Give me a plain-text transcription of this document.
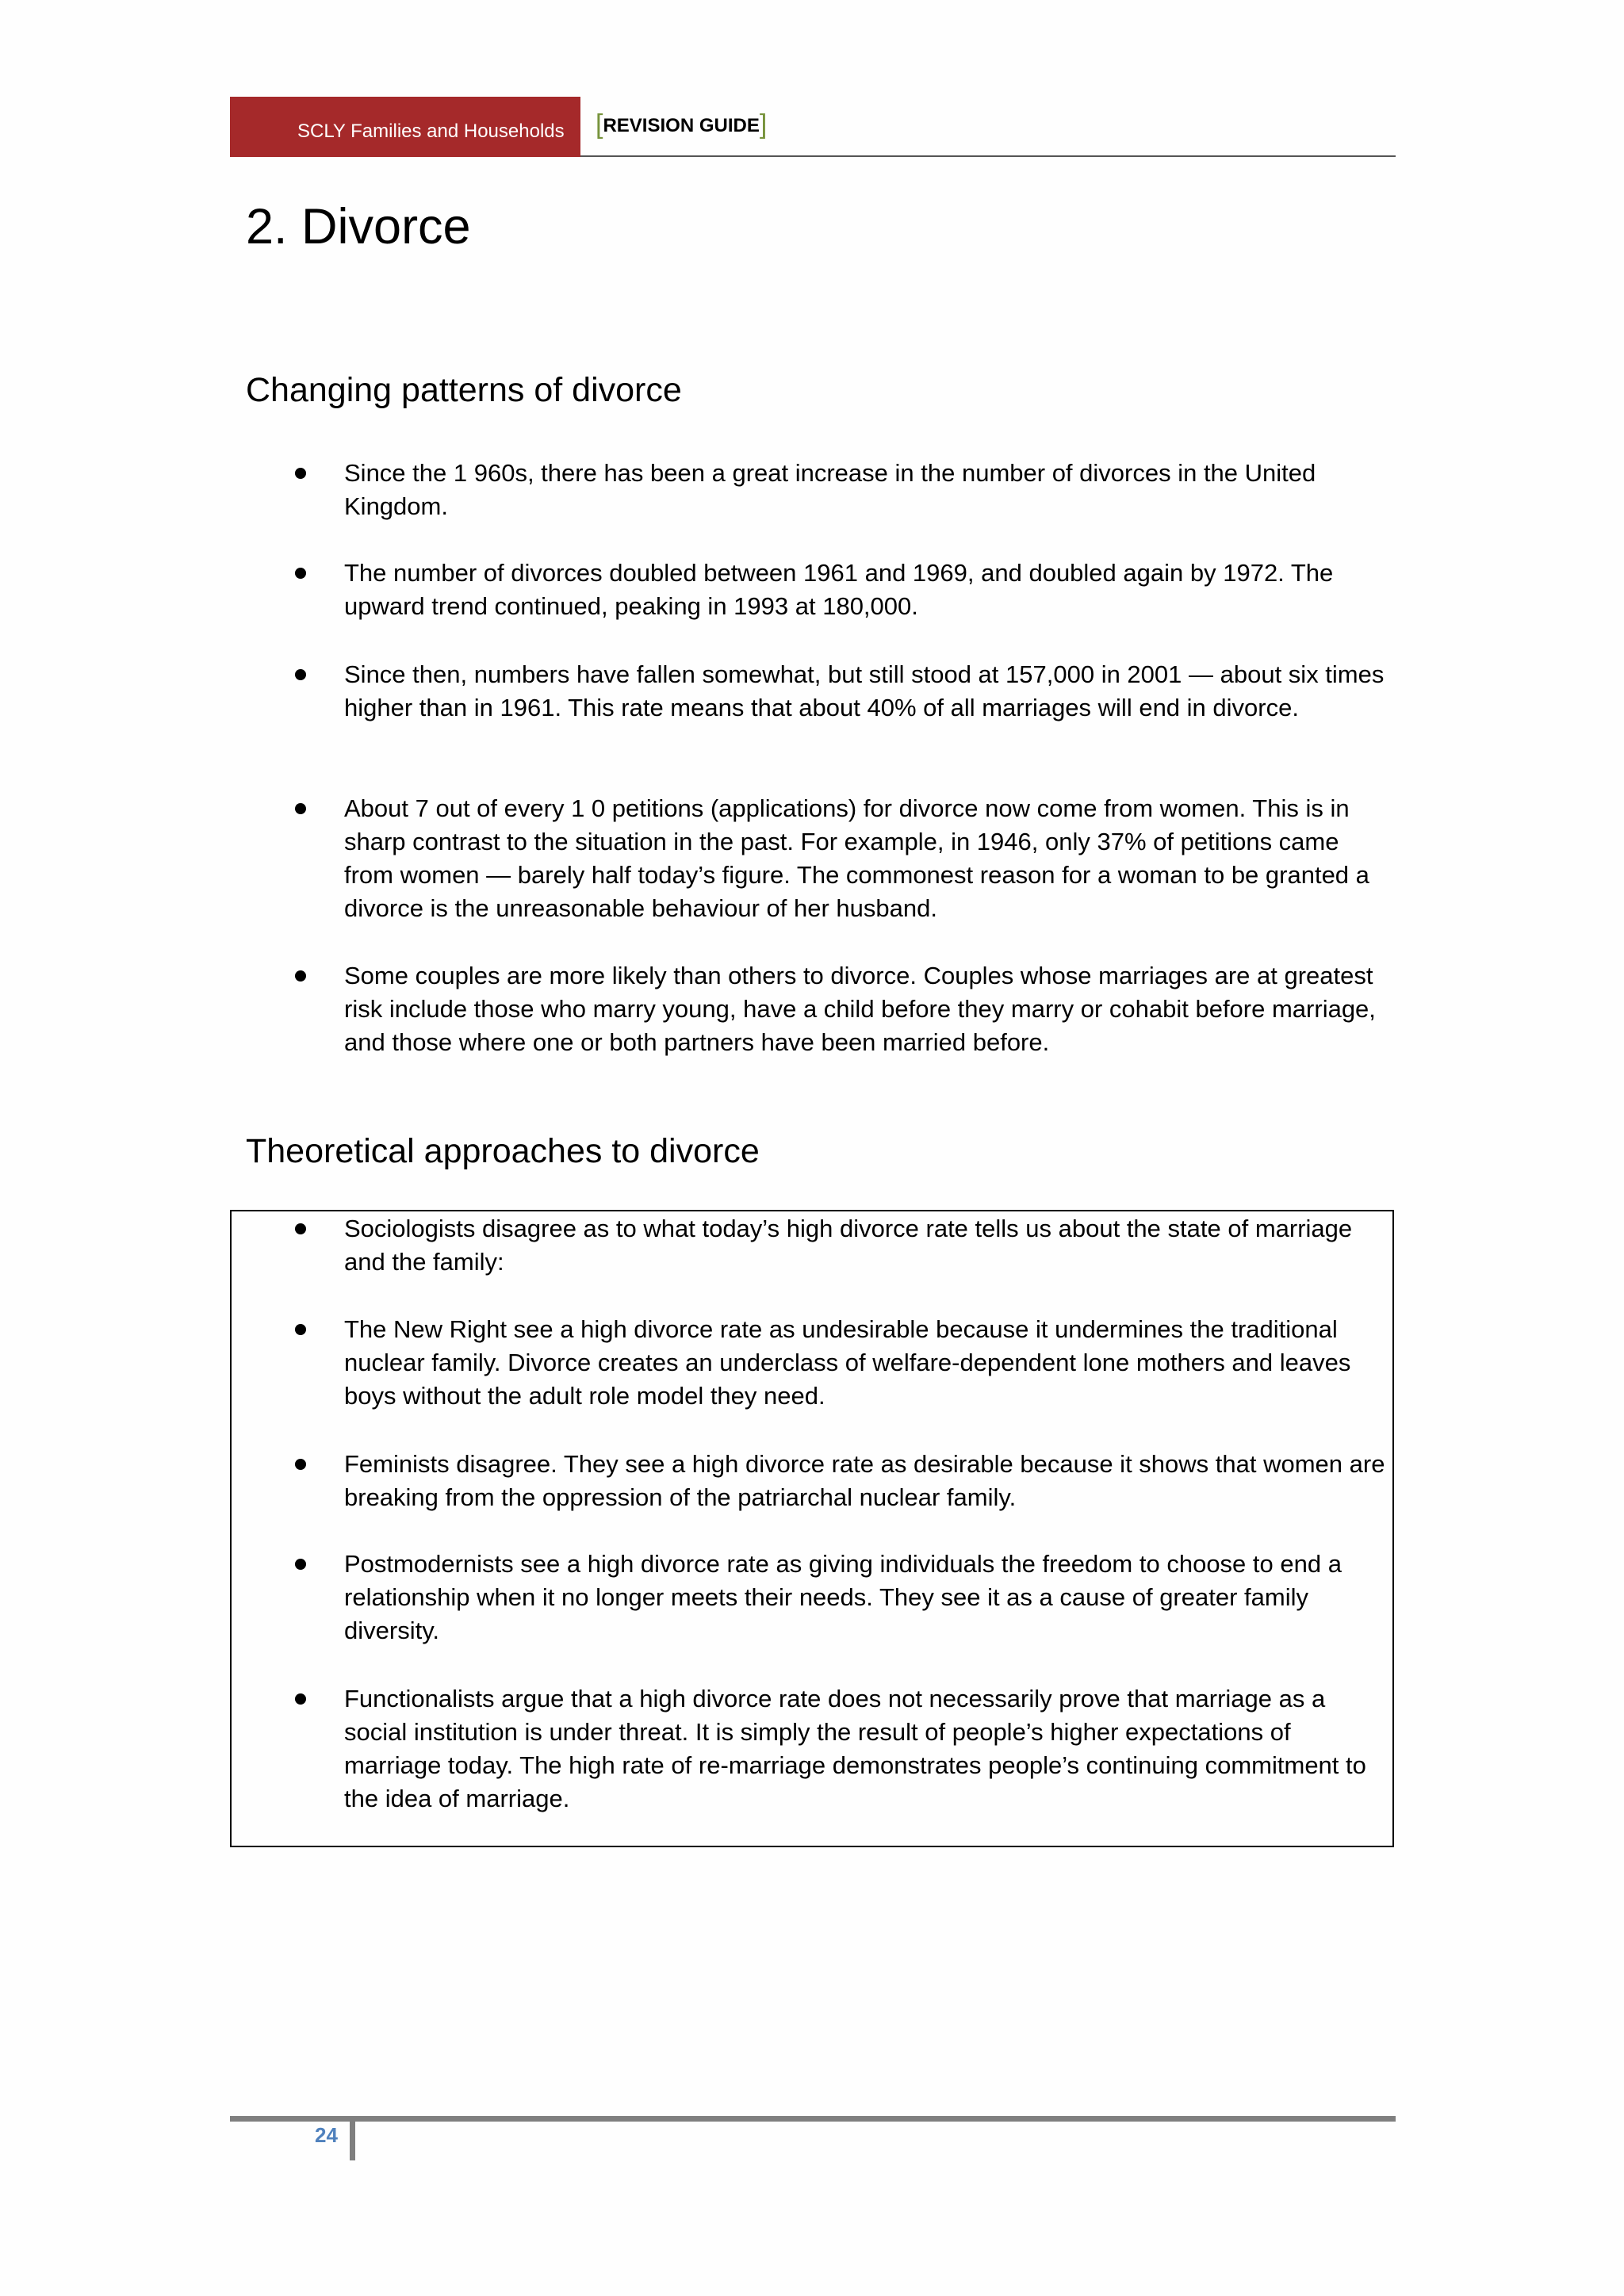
SCLY Families and Households [REVISION GUIDE]
2. Divorce
Changing patterns of divorce
Since the 1 960s, there has been a great increase in the number of divorces in the United Kingdom.
The number of divorces doubled between 1961 and 1969, and doubled again by 1972. The upward trend continued, peaking in 1993 at 180,000.
Since then, numbers have fallen somewhat, but still stood at 157,000 in 2001 — about six times higher than in 1961. This rate means that about 40% of all marriages will end in divorce.
About 7 out of every 1 0 petitions (applications) for divorce now come from women. This is in sharp contrast to the situation in the past. For example, in 1946, only 37% of petitions came from women — barely half today’s figure. The commonest reason for a woman to be granted a divorce is the unreasonable behaviour of her husband.
Some couples are more likely than others to divorce. Couples whose marriages are at greatest risk include those who marry young, have a child before they marry or cohabit before marriage, and those where one or both partners have been married before.
Theoretical approaches to divorce
Sociologists disagree as to what today’s high divorce rate tells us about the state of marriage and the family:
The New Right see a high divorce rate as undesirable because it undermines the traditional nuclear family. Divorce creates an underclass of welfare-dependent lone mothers and leaves boys without the adult role model they need.
Feminists disagree. They see a high divorce rate as desirable because it shows that women are breaking from the oppression of the patriarchal nuclear family.
Postmodernists see a high divorce rate as giving individuals the freedom to choose to end a relationship when it no longer meets their needs. They see it as a cause of greater family diversity.
Functionalists argue that a high divorce rate does not necessarily prove that marriage as a social institution is under threat. It is simply the result of people’s higher expectations of marriage today. The high rate of re-marriage demonstrates people’s continuing commitment to the idea of marriage.
24
